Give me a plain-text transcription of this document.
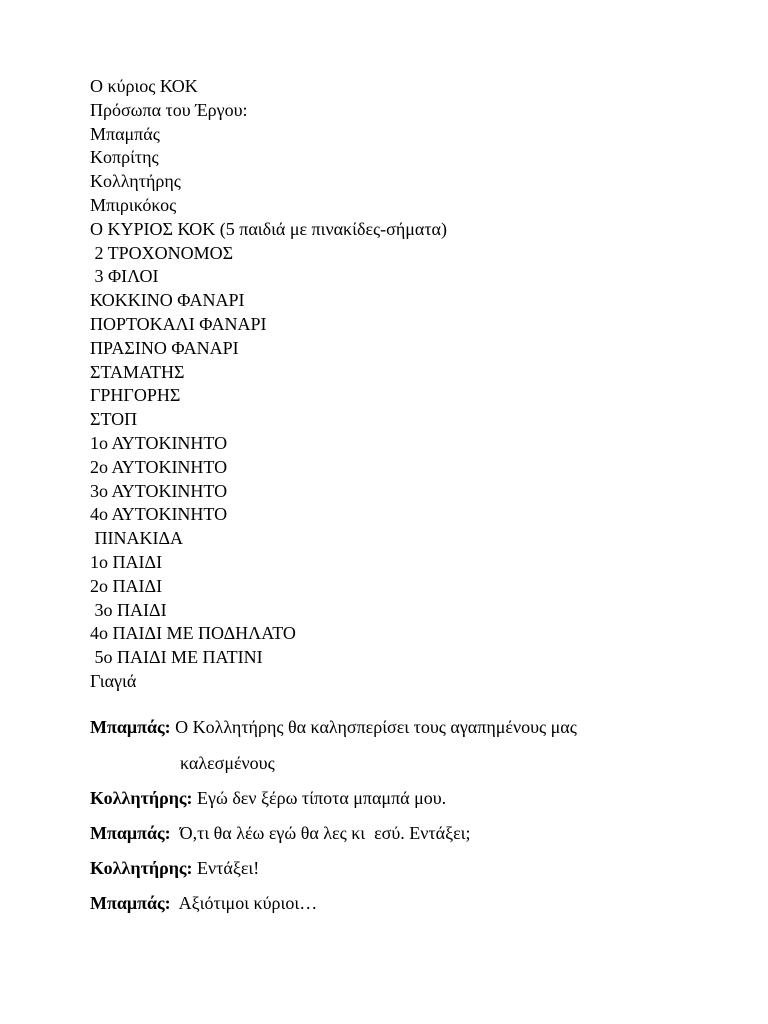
Ο κύριος ΚΟΚ
Πρόσωπα του Έργου:
Μπαμπάς
Κοπρίτης
Κολλητήρης
Μπιρικόκος
Ο ΚΥΡΙΟΣ ΚΟΚ (5 παιδιά με πινακίδες-σήματα)
2 ΤΡΟΧΟΝΟΜΟΣ
3 ΦΙΛΟΙ
ΚΟΚΚΙΝΟ ΦΑΝΑΡΙ
ΠΟΡΤΟΚΑΛΙ ΦΑΝΑΡΙ
ΠΡΑΣΙΝΟ ΦΑΝΑΡΙ
ΣΤΑΜΑΤΗΣ
ΓΡΗΓΟΡΗΣ
ΣΤΟΠ
1ο ΑΥΤΟΚΙΝΗΤΟ
2ο ΑΥΤΟΚΙΝΗΤΟ
3ο ΑΥΤΟΚΙΝΗΤΟ
4ο ΑΥΤΟΚΙΝΗΤΟ
ΠΙΝΑΚΙΔΑ
1ο ΠΑΙΔΙ
2ο ΠΑΙΔΙ
3ο ΠΑΙΔΙ
4ο ΠΑΙΔΙ ΜΕ ΠΟΔΗΛΑΤΟ
5ο ΠΑΙΔΙ ΜΕ ΠΑΤΙΝΙ
Γιαγιά
Μπαμπάς: Ο Κολλητήρης θα καλησπερίσει τους αγαπημένους μας
καλεσμένους
Κολλητήρης: Εγώ δεν ξέρω τίποτα μπαμπά μου.
Μπαμπάς:  Ό,τι θα λέω εγώ θα λες κι  εσύ. Εντάξει;
Κολλητήρης: Εντάξει!
Μπαμπάς:  Αξιότιμοι κύριοι…
